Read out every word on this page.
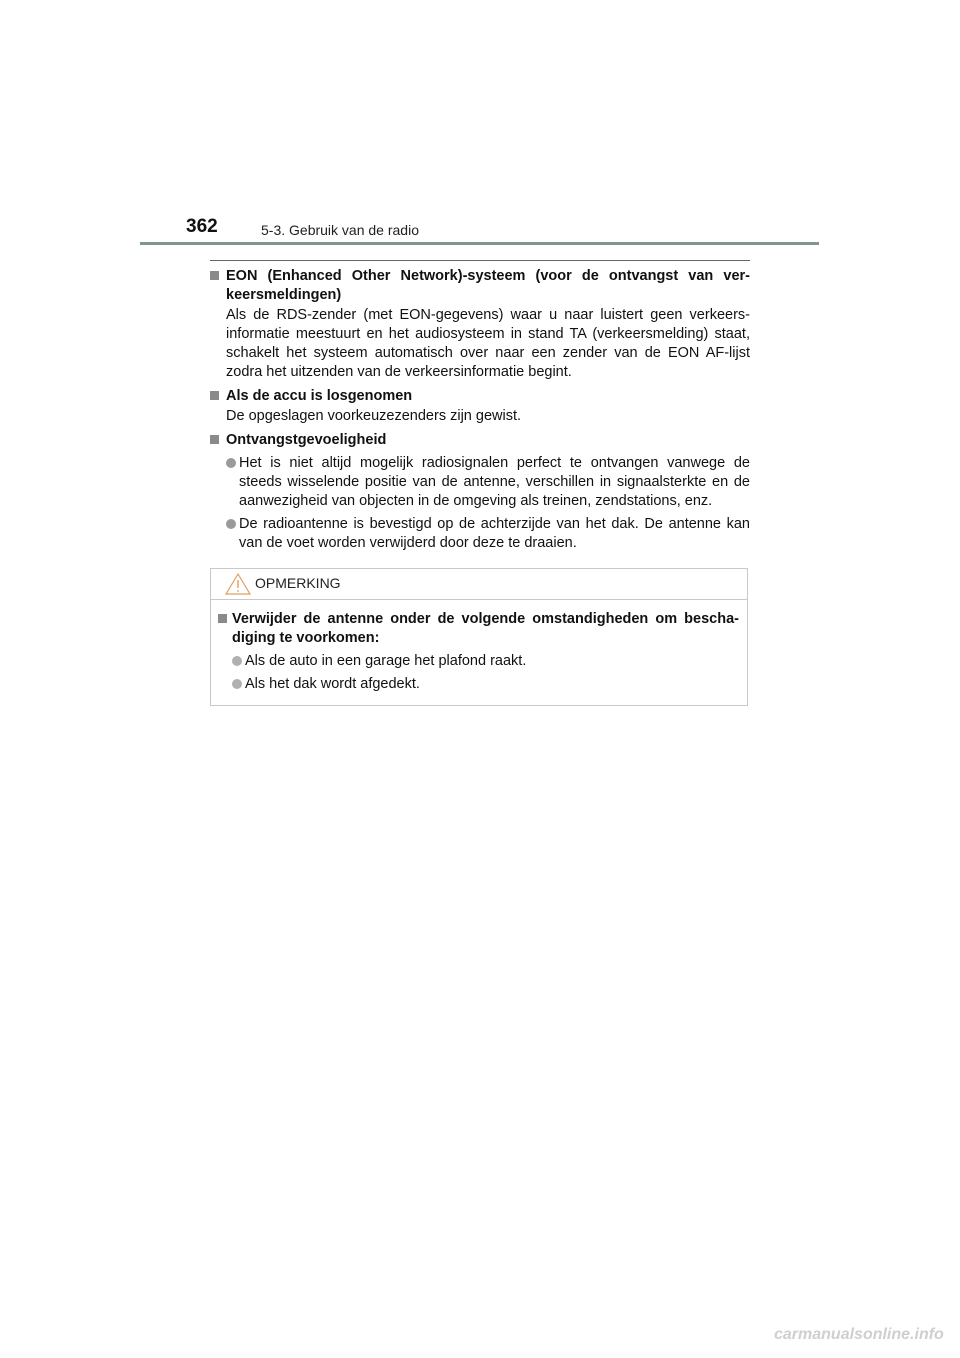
362	5-3. Gebruik van de radio
EON (Enhanced Other Network)-systeem (voor de ontvangst van ver-keersmeldingen)
Als de RDS-zender (met EON-gegevens) waar u naar luistert geen verkeers-informatie meestuurt en het audiosysteem in stand TA (verkeersmelding) staat, schakelt het systeem automatisch over naar een zender van de EON AF-lijst zodra het uitzenden van de verkeersinformatie begint.
Als de accu is losgenomen
De opgeslagen voorkeuzezenders zijn gewist.
Ontvangstgevoeligheid
Het is niet altijd mogelijk radiosignalen perfect te ontvangen vanwege de steeds wisselende positie van de antenne, verschillen in signaalsterkte en de aanwezigheid van objecten in de omgeving als treinen, zendstations, enz.
De radioantenne is bevestigd op de achterzijde van het dak. De antenne kan van de voet worden verwijderd door deze te draaien.
OPMERKING
Verwijder de antenne onder de volgende omstandigheden om bescha-diging te voorkomen:
Als de auto in een garage het plafond raakt.
Als het dak wordt afgedekt.
carmanualsonline.info
